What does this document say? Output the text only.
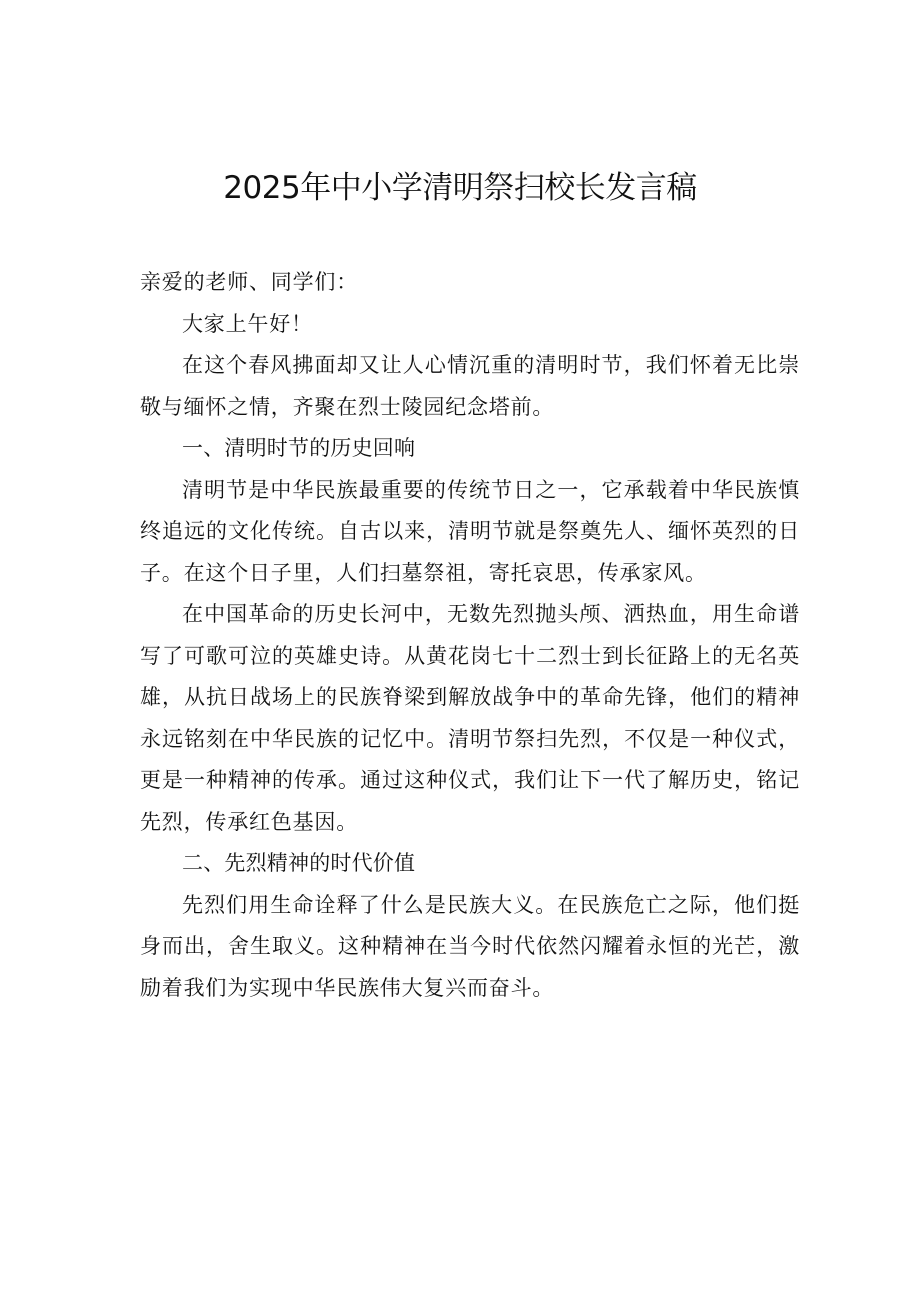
2025年中小学清明祭扫校长发言稿

亲爱的老师、同学们：

大家上午好！

在这个春风拂面却又让人心情沉重的清明时节，我们怀着无比崇敬与缅怀之情，齐聚在烈士陵园纪念塔前。

一、清明时节的历史回响

清明节是中华民族最重要的传统节日之一，它承载着中华民族慎终追远的文化传统。自古以来，清明节就是祭奠先人、缅怀英烈的日子。在这个日子里，人们扫墓祭祖，寄托哀思，传承家风。

在中国革命的历史长河中，无数先烈抛头颅、洒热血，用生命谱写了可歌可泣的英雄史诗。从黄花岗七十二烈士到长征路上的无名英雄，从抗日战场上的民族脊梁到解放战争中的革命先锋，他们的精神永远铭刻在中华民族的记忆中。清明节祭扫先烈，不仅是一种仪式，更是一种精神的传承。通过这种仪式，我们让下一代了解历史，铭记先烈，传承红色基因。

二、先烈精神的时代价值

先烈们用生命诠释了什么是民族大义。在民族危亡之际，他们挺身而出，舍生取义。这种精神在当今时代依然闪耀着永恒的光芒，激励着我们为实现中华民族伟大复兴而奋斗。
